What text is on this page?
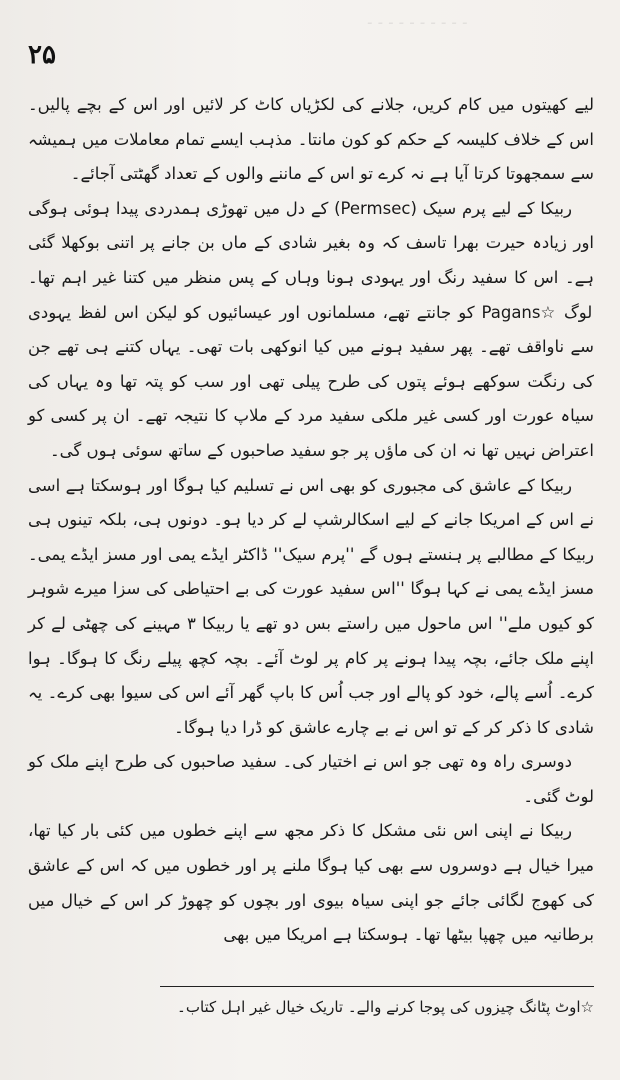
۔۔۔۔۔۔۔۔۔۔
۲۵

لیے کھیتوں میں کام کریں، جلانے کی لکڑیاں کاٹ کر لائیں اور اس کے بچے پالیں۔ اس کے خلاف کلیسہ کے حکم کو کون مانتا۔ مذہب ایسے تمام معاملات میں ہمیشہ سے سمجھوتا کرتا آیا ہے نہ کرے تو اس کے ماننے والوں کے تعداد گھٹتی آجائے۔

ربیکا کے لیے پرم سیک (Permsec) کے دل میں تھوڑی ہمدردی پیدا ہوئی ہوگی اور زیادہ حیرت بھرا تاسف کہ وہ بغیر شادی کے ماں بن جانے پر اتنی بوکھلا گئی ہے۔ اس کا سفید رنگ اور یہودی ہونا وہاں کے پس منظر میں کتنا غیر اہم تھا۔ لوگ ☆Pagans کو جانتے تھے، مسلمانوں اور عیسائیوں کو لیکن اس لفظ یہودی سے ناواقف تھے۔ پھر سفید ہونے میں کیا انوکھی بات تھی۔ یہاں کتنے ہی تھے جن کی رنگت سوکھے ہوئے پتوں کی طرح پیلی تھی اور سب کو پتہ تھا وہ یہاں کی سیاہ عورت اور کسی غیر ملکی سفید مرد کے ملاپ کا نتیجہ تھے۔ ان پر کسی کو اعتراض نہیں تھا نہ ان کی ماؤں پر جو سفید صاحبوں کے ساتھ سوئی ہوں گی۔

ربیکا کے عاشق کی مجبوری کو بھی اس نے تسلیم کیا ہوگا اور ہوسکتا ہے اسی نے اس کے امریکا جانے کے لیے اسکالرشپ لے کر دیا ہو۔ دونوں ہی، بلکہ تینوں ہی ربیکا کے مطالبے پر ہنستے ہوں گے ''پرم سیک'' ڈاکٹر ایڈے یمی اور مسز ایڈے یمی۔ مسز ایڈے یمی نے کہا ہوگا ''اس سفید عورت کی بے احتیاطی کی سزا میرے شوہر کو کیوں ملے'' اس ماحول میں راستے بس دو تھے یا ربیکا ۳ مہینے کی چھٹی لے کر اپنے ملک جائے، بچہ پیدا ہونے پر کام پر لوٹ آئے۔ بچہ کچھ پیلے رنگ کا ہوگا۔ ہوا کرے۔ اُسے پالے، خود کو پالے اور جب اُس کا باپ گھر آئے اس کی سیوا بھی کرے۔ یہ شادی کا ذکر کر کے تو اس نے بے چارے عاشق کو ڈرا دیا ہوگا۔

دوسری راہ وہ تھی جو اس نے اختیار کی۔ سفید صاحبوں کی طرح اپنے ملک کو لوٹ گئی۔

ربیکا نے اپنی اس نئی مشکل کا ذکر مجھ سے اپنے خطوں میں کئی بار کیا تھا، میرا خیال ہے دوسروں سے بھی کیا ہوگا ملنے پر اور خطوں میں کہ اس کے عاشق کی کھوج لگائی جائے جو اپنی سیاہ بیوی اور بچوں کو چھوڑ کر اس کے خیال میں برطانیہ میں چھپا بیٹھا تھا۔ ہوسکتا ہے امریکا میں بھی

☆اوٹ پٹانگ چیزوں کی پوجا کرنے والے۔ تاریک خیال غیر اہل کتاب۔
